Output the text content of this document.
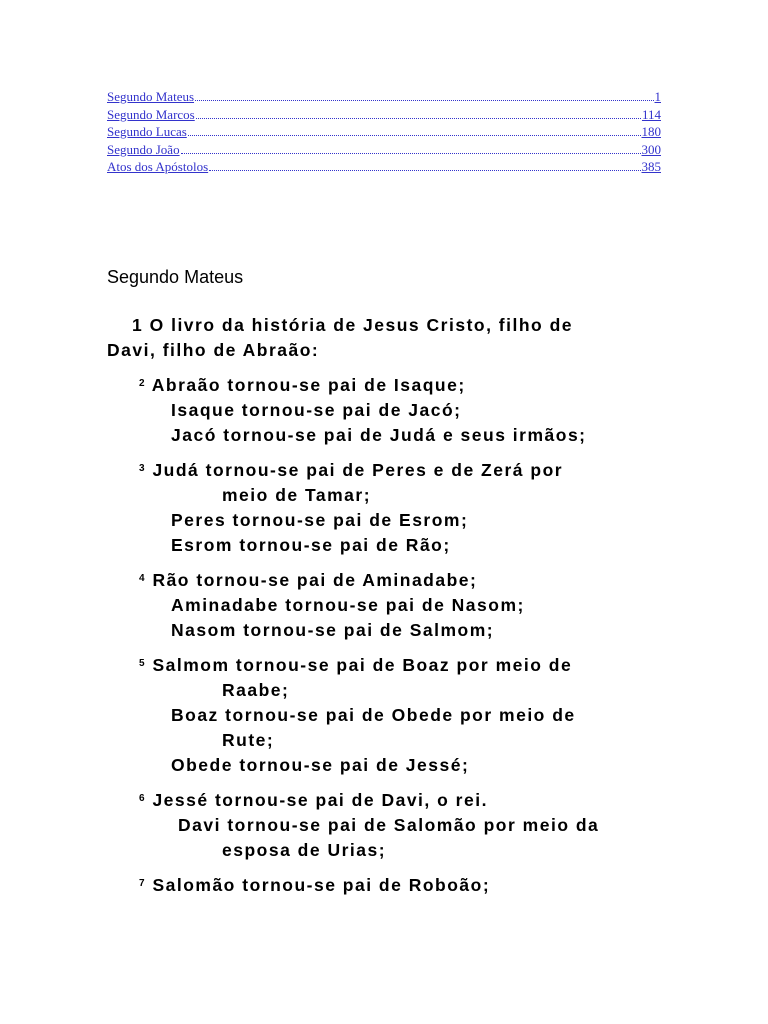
Segundo Mateus	1
Segundo Marcos	114
Segundo Lucas	180
Segundo João	300
Atos dos Apóstolos	385
Segundo Mateus
1 O livro da história de Jesus Cristo, filho de
Davi, filho de Abraão:
$^2$ Abraão tornou-se pai de Isaque;
Isaque tornou-se pai de Jacó;
Jacó tornou-se pai de Judá e seus irmãos;
$^3$ Judá tornou-se pai de Peres e de Zerá por
meio de Tamar;
Peres tornou-se pai de Esrom;
Esrom tornou-se pai de Rão;
$^4$ Rão tornou-se pai de Aminadabe;
Aminadabe tornou-se pai de Nasom;
Nasom tornou-se pai de Salmom;
$^5$ Salmom tornou-se pai de Boaz por meio de
Raabe;
Boaz tornou-se pai de Obede por meio de
Rute;
Obede tornou-se pai de Jessé;
$^6$ Jessé tornou-se pai de Davi, o rei.
Davi tornou-se pai de Salomão por meio da
esposa de Urias;
$^7$ Salomão tornou-se pai de Roboão;
